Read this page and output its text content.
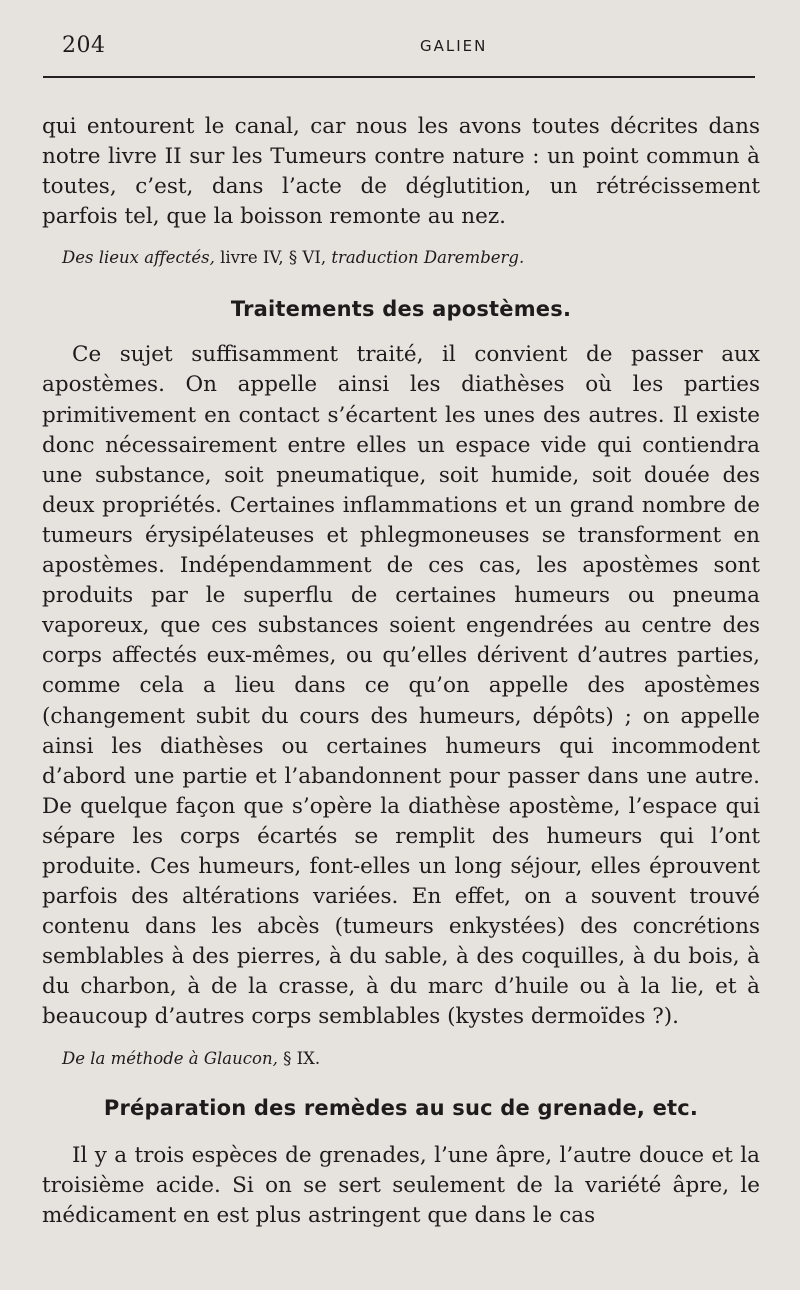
204	GALIEN

qui entourent le canal, car nous les avons toutes décrites dans notre livre II sur les Tumeurs contre nature : un point commun à toutes, c’est, dans l’acte de déglutition, un rétrécissement parfois tel, que la boisson remonte au nez.

Des lieux affectés, livre IV, § VI, traduction Daremberg.

Traitements des apostèmes.

Ce sujet suffisamment traité, il convient de passer aux apostèmes. On appelle ainsi les diathèses où les parties primitivement en contact s’écartent les unes des autres. Il existe donc nécessairement entre elles un espace vide qui contiendra une substance, soit pneumatique, soit humide, soit douée des deux propriétés. Certaines inflammations et un grand nombre de tumeurs érysipélateuses et phlegmoneuses se transforment en apostèmes. Indépendamment de ces cas, les apostèmes sont produits par le superflu de certaines humeurs ou pneuma vaporeux, que ces substances soient engendrées au centre des corps affectés eux-mêmes, ou qu’elles dérivent d’autres parties, comme cela a lieu dans ce qu’on appelle des apostèmes (changement subit du cours des humeurs, dépôts) ; on appelle ainsi les diathèses ou certaines humeurs qui incommodent d’abord une partie et l’abandonnent pour passer dans une autre. De quelque façon que s’opère la diathèse apostème, l’espace qui sépare les corps écartés se remplit des humeurs qui l’ont produite. Ces humeurs, font-elles un long séjour, elles éprouvent parfois des altérations variées. En effet, on a souvent trouvé contenu dans les abcès (tumeurs enkystées) des concrétions semblables à des pierres, à du sable, à des coquilles, à du bois, à du charbon, à de la crasse, à du marc d’huile ou à la lie, et à beaucoup d’autres corps semblables (kystes dermoïdes ?).

De la méthode à Glaucon, § IX.

Préparation des remèdes au suc de grenade, etc.

Il y a trois espèces de grenades, l’une âpre, l’autre douce et la troisième acide. Si on se sert seulement de la variété âpre, le médicament en est plus astringent que dans le cas
